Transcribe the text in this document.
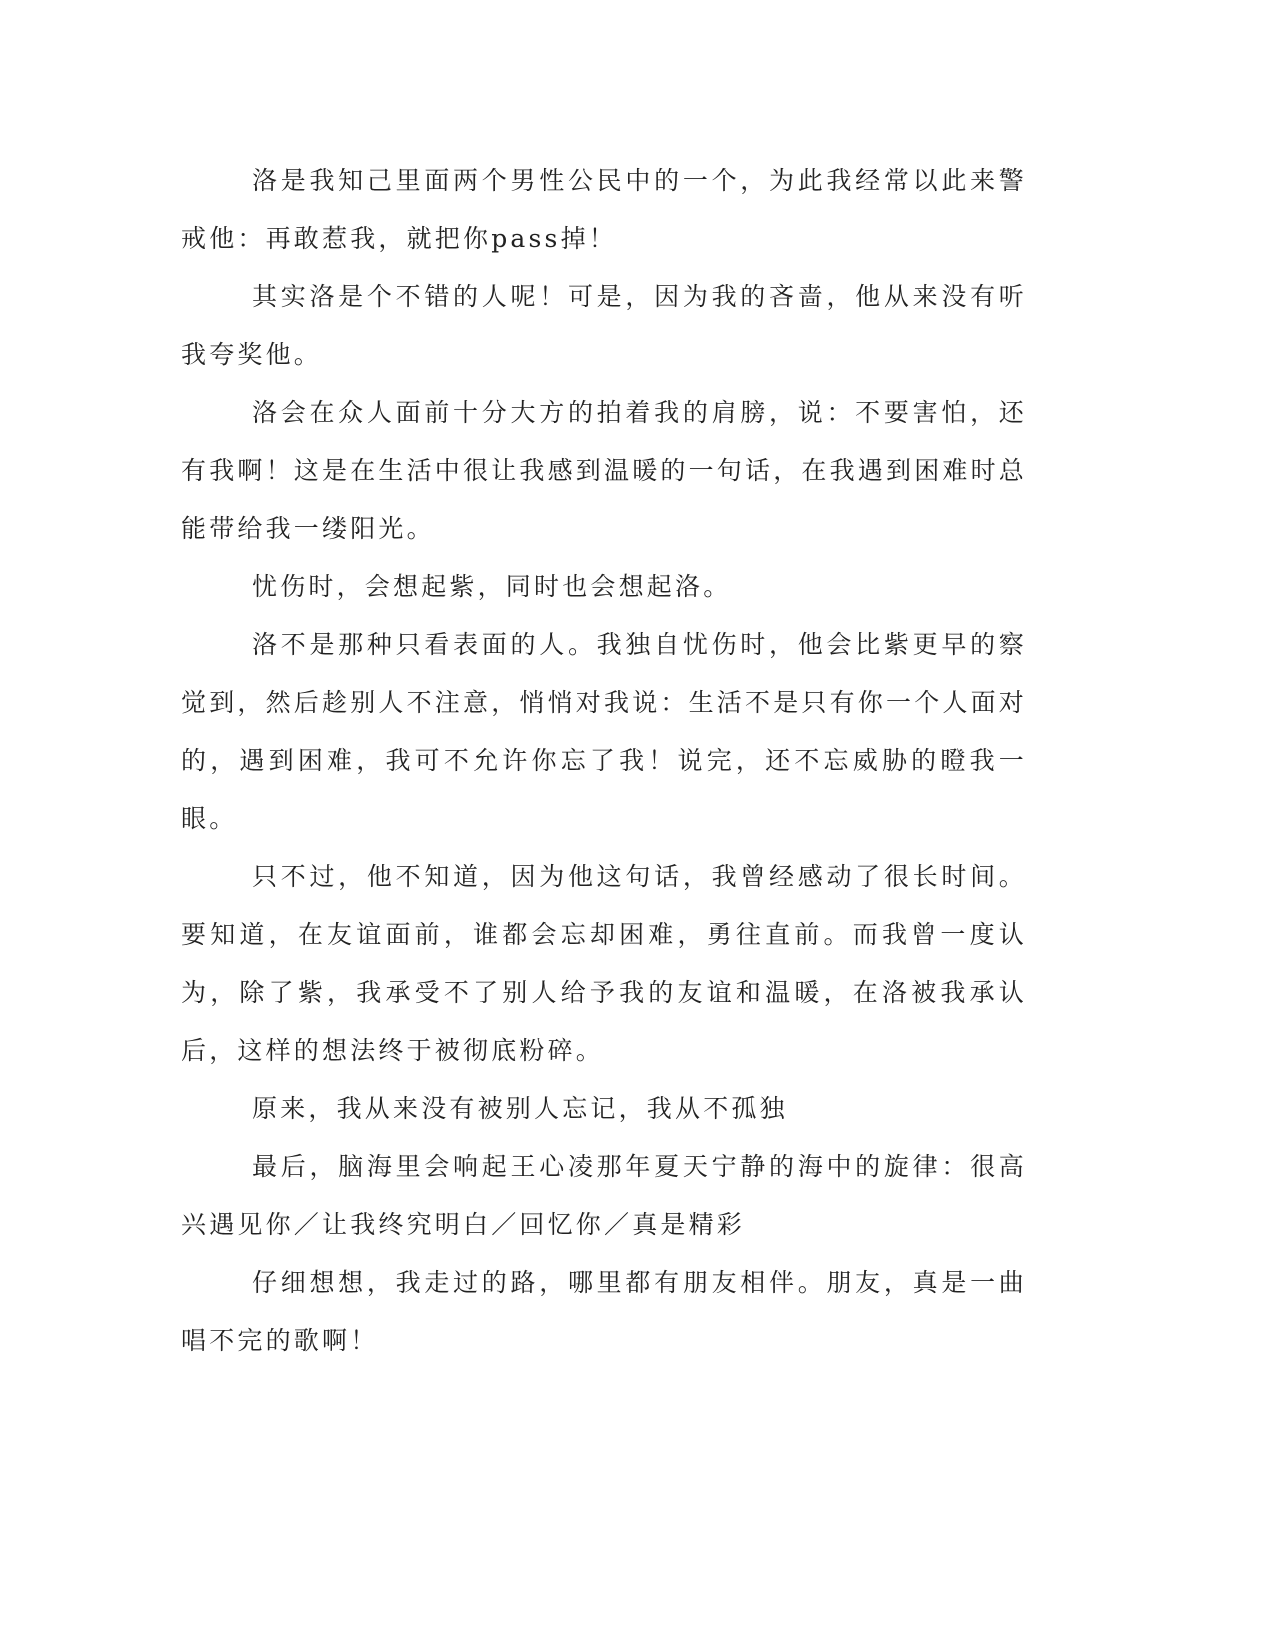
洛是我知己里面两个男性公民中的一个，为此我经常以此来警戒他：再敢惹我，就把你pass掉！

其实洛是个不错的人呢！可是，因为我的吝啬，他从来没有听我夸奖他。

洛会在众人面前十分大方的拍着我的肩膀，说：不要害怕，还有我啊！这是在生活中很让我感到温暖的一句话，在我遇到困难时总能带给我一缕阳光。

忧伤时，会想起紫，同时也会想起洛。

洛不是那种只看表面的人。我独自忧伤时，他会比紫更早的察觉到，然后趁别人不注意，悄悄对我说：生活不是只有你一个人面对的，遇到困难，我可不允许你忘了我！说完，还不忘威胁的瞪我一眼。

只不过，他不知道，因为他这句话，我曾经感动了很长时间。要知道，在友谊面前，谁都会忘却困难，勇往直前。而我曾一度认为，除了紫，我承受不了别人给予我的友谊和温暖，在洛被我承认后，这样的想法终于被彻底粉碎。

原来，我从来没有被别人忘记，我从不孤独

最后，脑海里会响起王心凌那年夏天宁静的海中的旋律：很高兴遇见你／让我终究明白／回忆你／真是精彩

仔细想想，我走过的路，哪里都有朋友相伴。朋友，真是一曲唱不完的歌啊！
